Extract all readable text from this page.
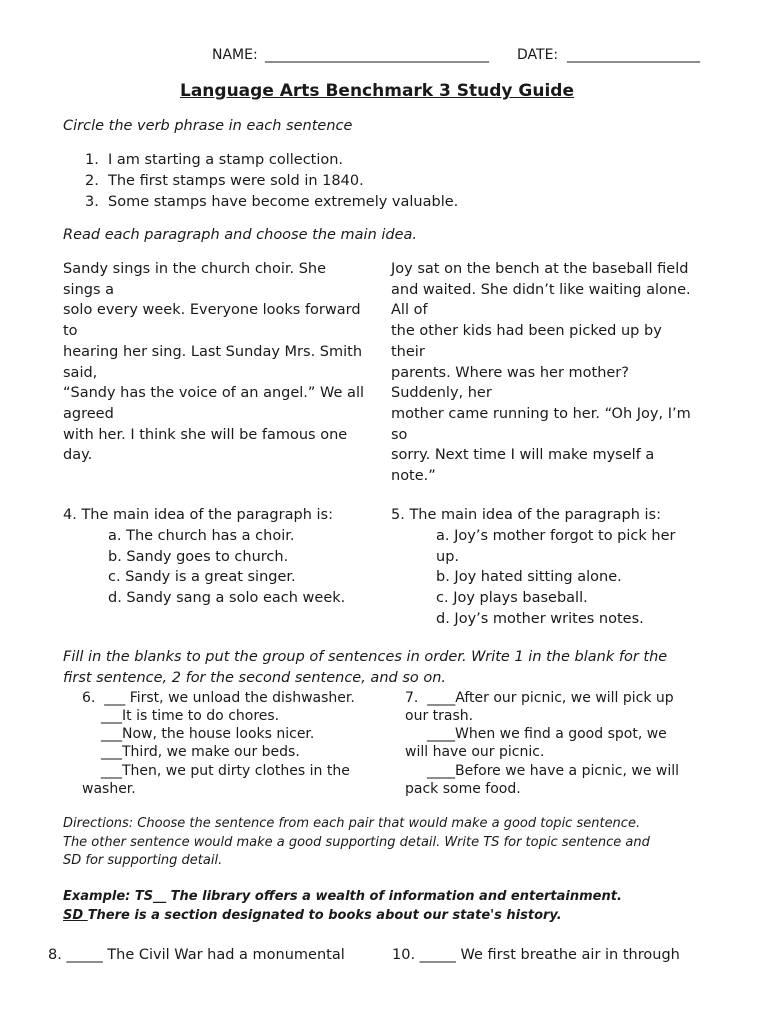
NAME: ________________________________ DATE: ___________________
Language Arts Benchmark 3 Study Guide
Circle the verb phrase in each sentence
1. I am starting a stamp collection.
2. The first stamps were sold in 1840.
3. Some stamps have become extremely valuable.
Read each paragraph and choose the main idea.
Sandy sings in the church choir. She
sings a
solo every week. Everyone looks forward
to
hearing her sing. Last Sunday Mrs. Smith
said,
“Sandy has the voice of an angel.” We all
agreed
with her. I think she will be famous one
day.
Joy sat on the bench at the baseball field
and waited. She didn’t like waiting alone.
All of
the other kids had been picked up by
their
parents. Where was her mother?
Suddenly, her
mother came running to her. “Oh Joy, I’m
so
sorry. Next time I will make myself a
note.”
4. The main idea of the paragraph is:
a. The church has a choir.
b. Sandy goes to church.
c. Sandy is a great singer.
d. Sandy sang a solo each week.
5. The main idea of the paragraph is:
a. Joy’s mother forgot to pick her
up.
b. Joy hated sitting alone.
c. Joy plays baseball.
d. Joy’s mother writes notes.
Fill in the blanks to put the group of sentences in order. Write 1 in the blank for the
first sentence, 2 for the second sentence, and so on.
6.  ___ First, we unload the dishwasher.
___It is time to do chores.
___Now, the house looks nicer.
___Third, we make our beds.
___Then, we put dirty clothes in the
washer.
7.  ____After our picnic, we will pick up
our trash.
____When we find a good spot, we
will have our picnic.
____Before we have a picnic, we will
pack some food.
Directions: Choose the sentence from each pair that would make a good topic sentence.
The other sentence would make a good supporting detail. Write TS for topic sentence and
SD for supporting detail.
Example: TS__ The library offers a wealth of information and entertainment.
SD There is a section designated to books about our state's history.
8. _____ The Civil War had a monumental	10. _____ We first breathe air in through
